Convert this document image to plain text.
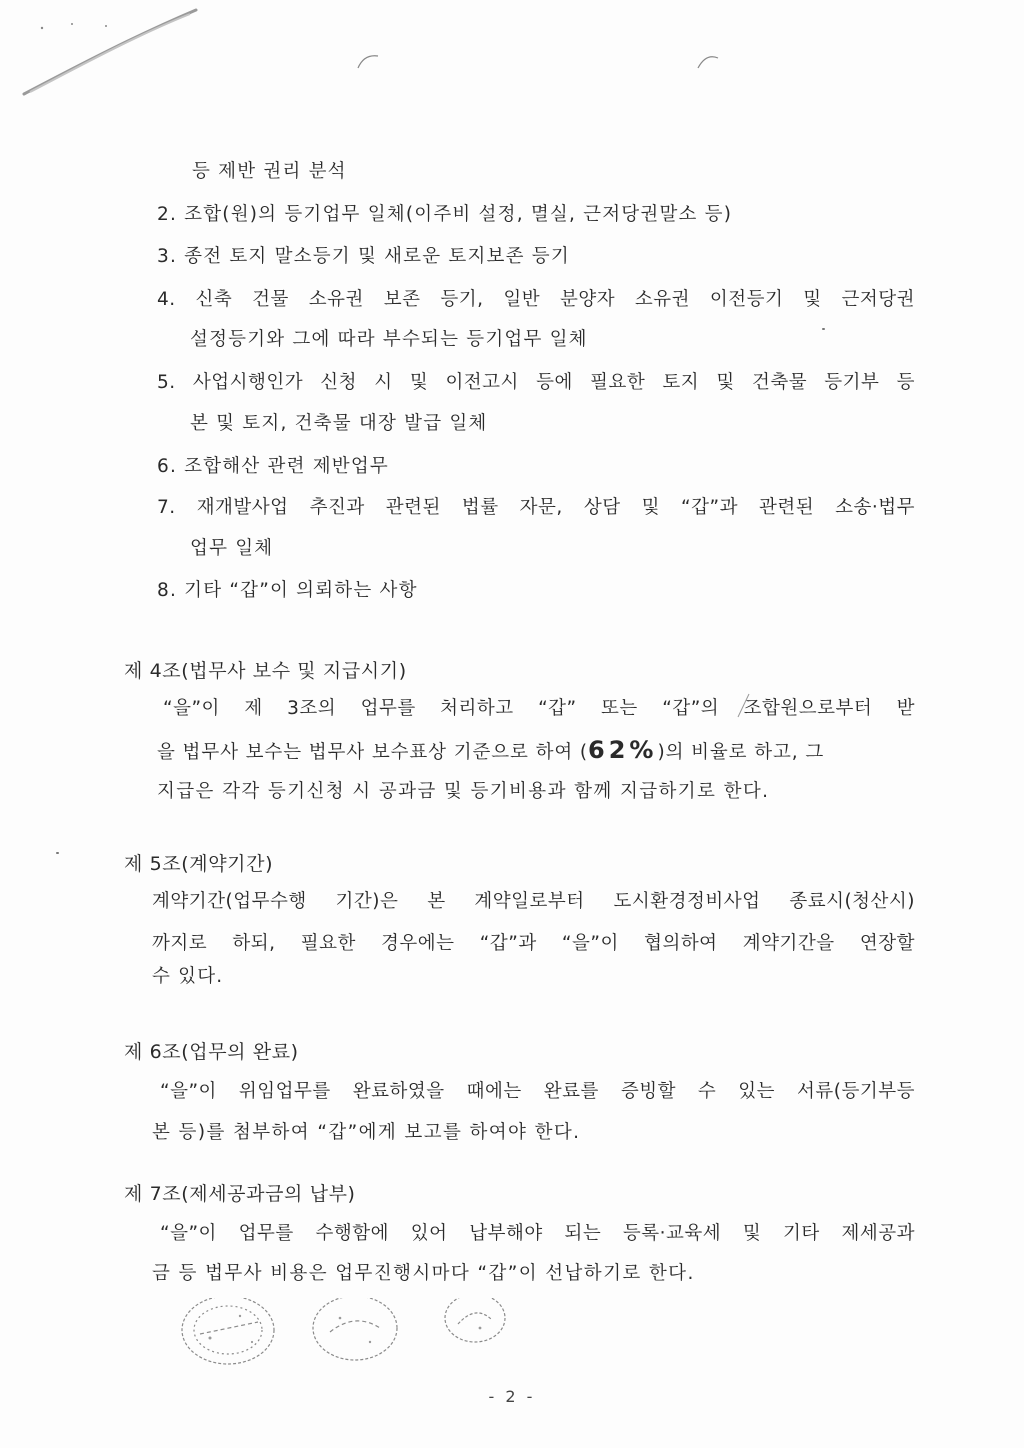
등 제반 권리 분석
2. 조합(원)의 등기업무 일체(이주비 설정, 멸실, 근저당권말소 등)
3. 종전 토지 말소등기 및 새로운 토지보존 등기
4. 신축 건물 소유권 보존 등기, 일반 분양자 소유권 이전등기 및 근저당권
설정등기와 그에 따라 부수되는 등기업무 일체
5. 사업시행인가 신청 시 및 이전고시 등에 필요한 토지 및 건축물 등기부 등
본 및 토지, 건축물 대장 발급 일체
6. 조합해산 관련 제반업무
7. 재개발사업 추진과 관련된 법률 자문, 상담 및 “갑”과 관련된 소송·법무
업무 일체
8. 기타 “갑”이 의뢰하는 사항
제 4조(법무사 보수 및 지급시기)
“을”이 제 3조의 업무를 처리하고 “갑” 또는 “갑”의 조합원으로부터 받
을 법무사 보수는 법무사 보수표상 기준으로 하여 (62%)의 비율로 하고, 그
지급은 각각 등기신청 시 공과금 및 등기비용과 함께 지급하기로 한다.
제 5조(계약기간)
계약기간(업무수행 기간)은 본 계약일로부터 도시환경정비사업 종료시(청산시)
까지로 하되, 필요한 경우에는 “갑”과 “을”이 협의하여 계약기간을 연장할
수 있다.
제 6조(업무의 완료)
“을”이 위임업무를 완료하였을 때에는 완료를 증빙할 수 있는 서류(등기부등
본 등)를 첨부하여 “갑”에게 보고를 하여야 한다.
제 7조(제세공과금의 납부)
“을”이 업무를 수행함에 있어 납부해야 되는 등록·교육세 및 기타 제세공과
금 등 법무사 비용은 업무진행시마다 “갑”이 선납하기로 한다.
- 2 -
